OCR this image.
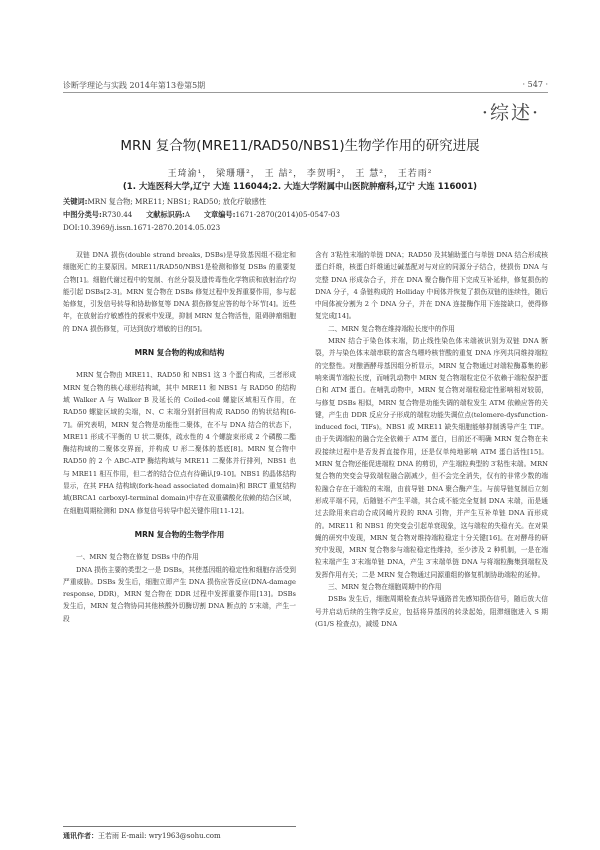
诊断学理论与实践 2014年第13卷第5期	· 547 ·
·综述·
MRN 复合物(MRE11/RAD50/NBS1)生物学作用的研究进展
王琦渝¹， 梁珊珊²， 王 喆²， 李贺明²， 王 慧²， 王若雨²
(1. 大连医科大学,辽宁 大连 116044;2. 大连大学附属中山医院肿瘤科,辽宁 大连 116001)
关键词:MRN 复合物; MRE11; NBS1; RAD50; 放化疗敏感性
中图分类号:R730.44 文献标识码:A 文章编号:1671-2870(2014)05-0547-03
DOI:10.3969/j.issn.1671-2870.2014.05.023

双链 DNA 损伤(double strand breaks, DSBs)是导致基因组不稳定和细胞死亡的主要原因。MRE11/RAD50/NBS1是检测和修复 DSBs 的重要复合物[1]。细胞代谢过程中的复制、有丝分裂及遗传毒性化学物质和放射治疗均能引起 DSBs[2-3]。MRN 复合物在 DSBs 修复过程中发挥重要作用，参与起始修复，引发信号转导和协助修复等 DNA 损伤修复应答的每个环节[4]。近些年，在放射治疗敏感性的探索中发现，抑制 MRN 复合物活性，阻碍肿瘤细胞的 DNA 损伤修复，可达到放疗增敏的目的[5]。

MRN 复合物的构成和结构

MRN 复合物由 MRE11、RAD50 和 NBS1 这 3 个蛋白构成，三者形成 MRN 复合物的核心球形结构域，其中 MRE11 和 NBS1 与 RAD50 的结构域 Walker A 与 Walker B 及延长的 Coiled-coil 螺旋区域相互作用，在 RAD50 螺旋区域的尖端，N、C 末端分别折回构成 RAD50 的钩状结构[6-7]。研究表明，MRN 复合物是功能性二聚体，在不与 DNA 结合的状态下，MRE11 形成不平衡的 U 状二聚体，疏水性的 4 个螺旋束形成 2 个磷酸二酯酶结构域的二聚体交界面，并构成 U 形二聚体的基底[8]。MRN 复合物中 RAD50 的 2 个 ABC-ATP 酶结构域与 MRE11 二聚体并行排列，NBS1 也与 MRE11 相互作用，但二者的结合位点有待确认[9-10]。NBS1 的晶体结构显示，在其 FHA 结构域(fork-head associated domain)和 BRCT 重复结构域(BRCA1 carboxyl-terminal domain)中存在双重磷酸化依赖的结合区域，在细胞周期检测和 DNA 修复信号转导中起关键作用[11-12]。

MRN 复合物的生物学作用
一、MRN 复合物在修复 DSBs 中的作用

DNA 损伤主要的类型之一是 DSBs，其使基因组的稳定性和细胞存活受到严重威胁。DSBs 发生后，细胞立即产生 DNA 损伤应答反应(DNA-damage response, DDR)，MRN 复合物在 DDR 过程中发挥重要作用[13]。DSBs 发生后，MRN 复合物协同其他核酸外切酶切割 DNA 断点的 5′末端，产生一段

含有 3′粘性末端的单链 DNA；RAD50 及其辅助蛋白与单链 DNA 结合形成核蛋白纤维，核蛋白纤维通过碱基配对与对应的同源分子结合，使损伤 DNA 与完整 DNA 形成杂合子，并在 DNA 聚合酶作用下完成互补延伸，修复损伤的 DNA 分子，4 条链构成的 Holliday 中间体并恢复了损伤双链的连续性，随后中间体被分割为 2 个 DNA 分子，并在 DNA 连接酶作用下连接缺口，使得修复完成[14]。

二、MRN 复合物在维持端粒长度中的作用

MRN 结合于染色体末端，防止线性染色体末端被识别为双链 DNA 断裂，并与染色体末端串联的富含鸟嘌呤核苷酸的重复 DNA 序列共同维持端粒的完整性。对酿酒酵母基因组分析显示，MRN 复合物通过对端粒酶募集的影响来调节端粒长度，而哺乳动物中 MRN 复合物端粒定位不依赖于端粒保护蛋白和 ATM 蛋白。在哺乳动物中，MRN 复合物对端粒稳定性影响相对较弱，与修复 DSBs 相似，MRN 复合物是功能失调的端粒发生 ATM 依赖应答的关键，产生由 DDR 反应分子形成的端粒功能失调位点(telomere-dysfunction-induced foci, TIFs)。NBS1 或 MRE11 缺失细胞能够抑制诱导产生 TIF。由于失调端粒的融合完全依赖于 ATM 蛋白，目前还不明确 MRN 复合物在未段接续过程中是否发挥直接作用，还是仅单纯地影响 ATM 蛋白活性[15]。MRN 复合物还能促进端粒 DNA 的剪切，产生端粒典型的 3′粘性末端。MRN 复合物的突变会导致端粒融合剧减少，但不会完全消失，仅有的非常少数的端粒融合存在于端粒的末端，由前导链 DNA 聚合酶产生。与前导链复制后立刻形成平端不同，后随链不产生平端，其合成不能完全复制 DNA 末端，而是通过去除用来启动合成冈崎片段的 RNA 引物，并产生互补单链 DNA 而形成的。MRE11 和 NBS1 的突变会引起单衰现象，这与端粒的失稳有关。在对果蝇的研究中发现，MRN 复合物对维持端粒稳定十分关键[16]。在对酵母的研究中发现，MRN 复合物参与端粒稳定性维持，至少涉及 2 种机制，一是在端粒末端产生 3′末端单链 DNA，产生 3′末端单链 DNA 与将端粒酶集到端粒及发挥作用有关；二是 MRN 复合物通过同源重组的修复机制协助端粒的延伸。

三、MRN 复合物在细胞周期中的作用

DSBs 发生后，细胞周期检查点转导通路首先感知损伤信号，随后放大信号并启动后续的生物学反应，包括将异基因的转录起始，阻滞细胞进入 S 期(G1/S 检查点)，减缓 DNA

通讯作者：王若雨 E-mail: wry1963@sohu.com
